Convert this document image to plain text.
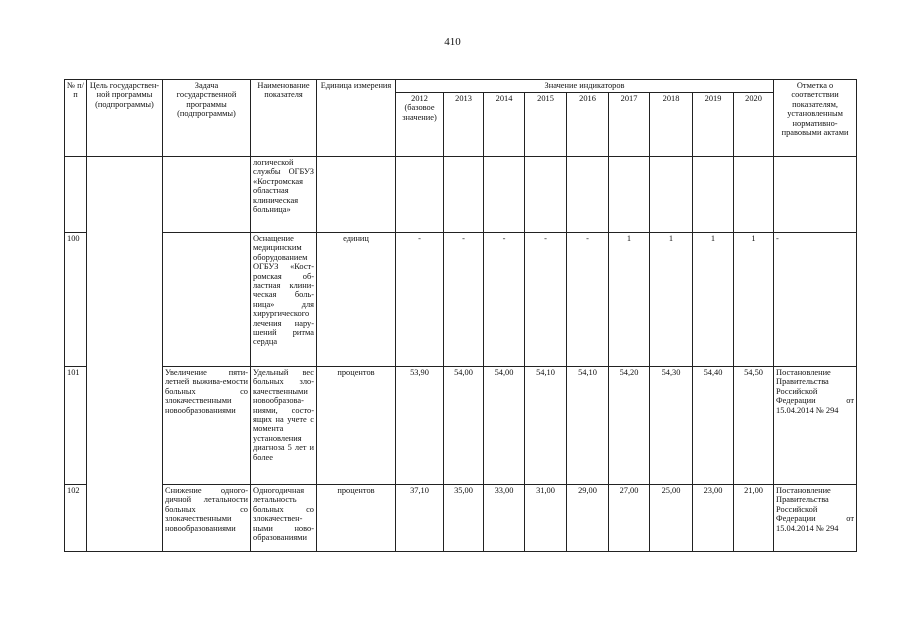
410
№ п/п	Цель государствен-ной программы (подпрограммы)	Задача государственной программы (подпрограммы)	Наименование показателя	Единица измерения	Значение индикаторов									Отметка о соответствии показателям, установленным нормативно-правовыми актами
					2012 (базовое значение)	2013	2014	2015	2016	2017	2018	2019	2020	
			логической службы ОГБУЗ «Костромская областная клиническая больница»											
100			Оснащение медицинским оборудованием ОГБУЗ «Кост-ромская об-ластная клини-ческая боль-ница» для хирургического лечения нару-шений ритма сердца	единиц	-	-	-	-	-	1	1	1	1	-
101		Увеличение пяти-летней выжива-емости больных со злокачественными новообразованиями	Удельный вес больных зло-качественными новообразова-ниями, состо-ящих на учете с момента установления диагноза 5 лет и более	процентов	53,90	54,00	54,00	54,10	54,10	54,20	54,30	54,40	54,50	Постановление Правительства Российской Федерации от 15.04.2014 № 294
102		Снижение одного-дичной летальности больных со злокачественными новообразованиями	Одногодичная летальность больных со злокачествен-ными ново-образованиями	процентов	37,10	35,00	33,00	31,00	29,00	27,00	25,00	23,00	21,00	Постановление Правительства Российской Федерации от 15.04.2014 № 294
